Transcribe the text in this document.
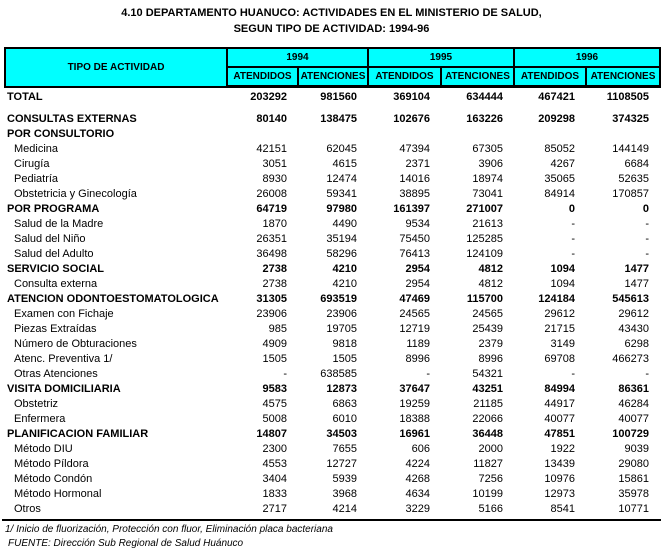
4.10 DEPARTAMENTO HUANUCO: ACTIVIDADES EN EL MINISTERIO DE SALUD,
SEGUN TIPO DE ACTIVIDAD: 1994-96
TIPO DE ACTIVIDAD	1994		1995		1996	
	ATENDIDOS	ATENCIONES	ATENDIDOS	ATENCIONES	ATENDIDOS	ATENCIONES
TOTAL	203292	981560	369104	634444	467421	1108505
CONSULTAS EXTERNAS	80140	138475	102676	163226	209298	374325
POR CONSULTORIO						
Medicina	42151	62045	47394	67305	85052	144149
Cirugía	3051	4615	2371	3906	4267	6684
Pediatría	8930	12474	14016	18974	35065	52635
Obstetricia y Ginecología	26008	59341	38895	73041	84914	170857
POR PROGRAMA	64719	97980	161397	271007	0	0
Salud de la Madre	1870	4490	9534	21613	-	-
Salud del Niño	26351	35194	75450	125285	-	-
Salud del Adulto	36498	58296	76413	124109	-	-
SERVICIO SOCIAL	2738	4210	2954	4812	1094	1477
Consulta externa	2738	4210	2954	4812	1094	1477
ATENCION ODONTOESTOMATOLOGICA	31305	693519	47469	115700	124184	545613
Examen con Fichaje	23906	23906	24565	24565	29612	29612
Piezas Extraídas	985	19705	12719	25439	21715	43430
Número de Obturaciones	4909	9818	1189	2379	3149	6298
Atenc. Preventiva 1/	1505	1505	8996	8996	69708	466273
Otras Atenciones	-	638585	-	54321	-	-
VISITA DOMICILIARIA	9583	12873	37647	43251	84994	86361
Obstetriz	4575	6863	19259	21185	44917	46284
Enfermera	5008	6010	18388	22066	40077	40077
PLANIFICACION FAMILIAR	14807	34503	16961	36448	47851	100729
Método DIU	2300	7655	606	2000	1922	9039
Método Píldora	4553	12727	4224	11827	13439	29080
Método Condón	3404	5939	4268	7256	10976	15861
Método Hormonal	1833	3968	4634	10199	12973	35978
Otros	2717	4214	3229	5166	8541	10771
1/ Inicio de fluorización, Protección con fluor, Eliminación placa bacteriana
FUENTE: Dirección Sub Regional de Salud Huánuco
